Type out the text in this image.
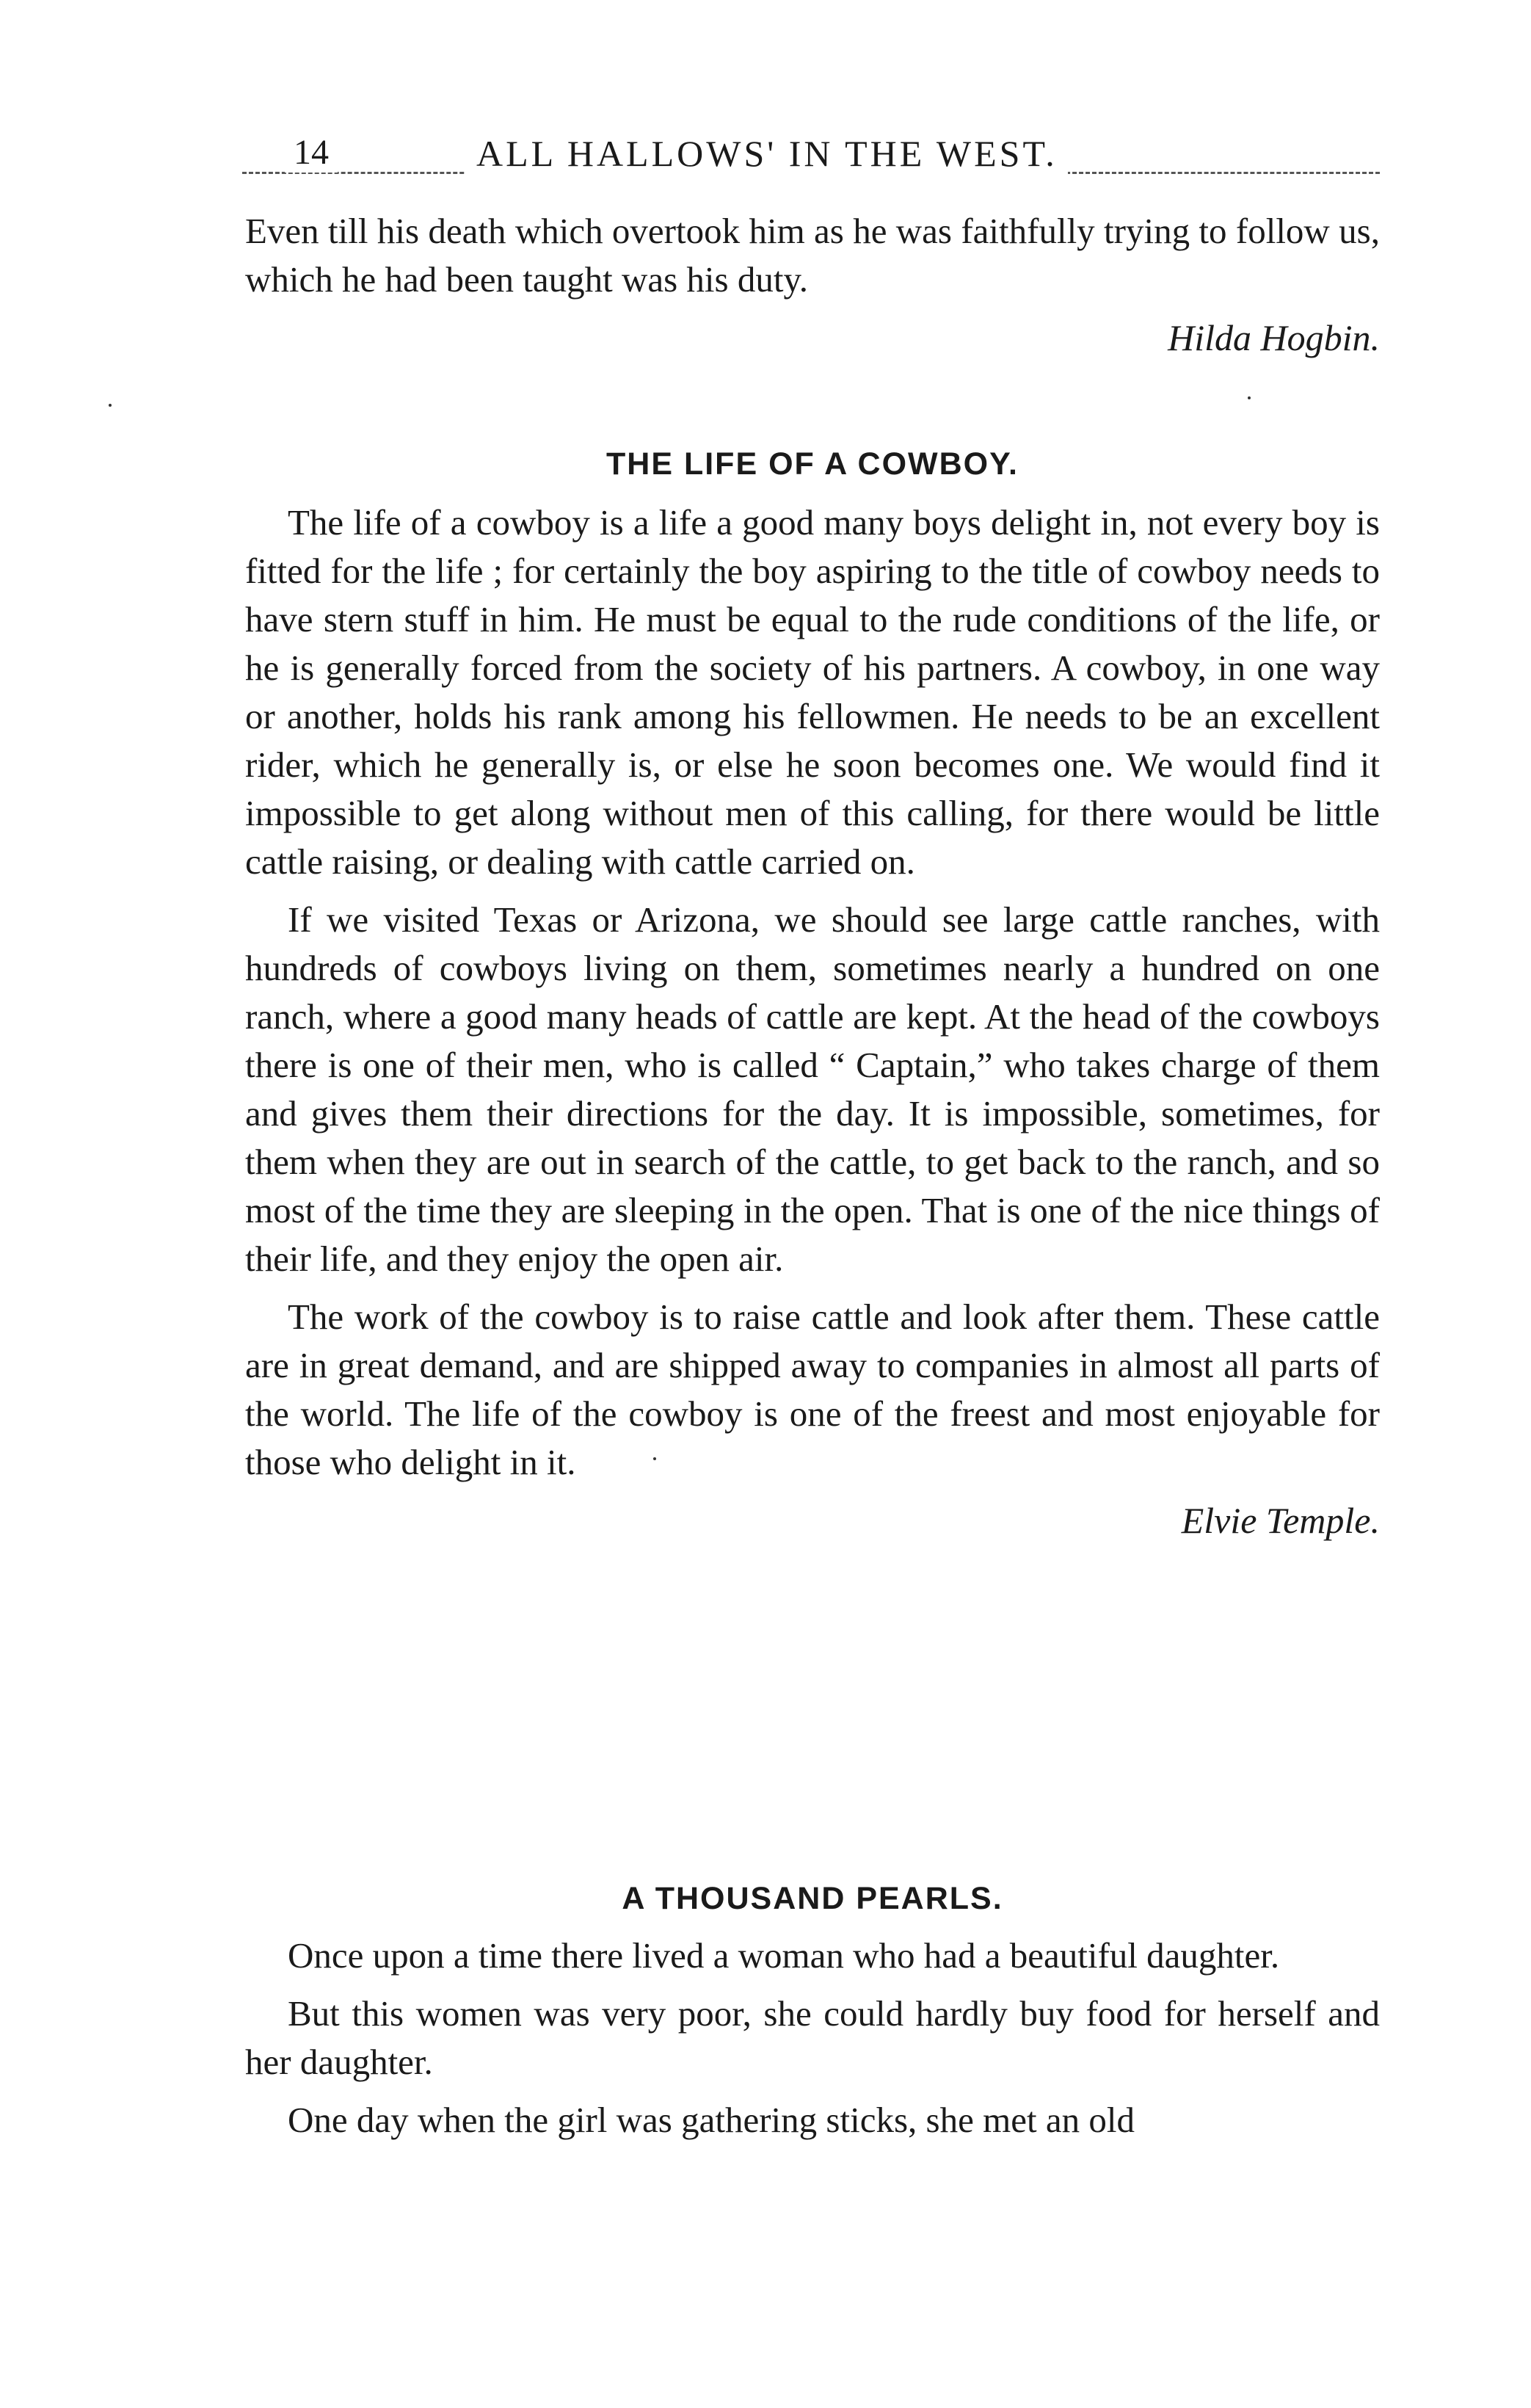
14	ALL HALLOWS' IN THE WEST.

Even till his death which overtook him as he was faithfully trying to follow us, which he had been taught was his duty.

Hilda Hogbin.

THE LIFE OF A COWBOY.

The life of a cowboy is a life a good many boys delight in, not every boy is fitted for the life ; for certainly the boy aspiring to the title of cowboy needs to have stern stuff in him. He must be equal to the rude conditions of the life, or he is generally forced from the society of his partners. A cowboy, in one way or another, holds his rank among his fellowmen. He needs to be an excellent rider, which he generally is, or else he soon becomes one. We would find it impossible to get along without men of this calling, for there would be little cattle raising, or dealing with cattle carried on.

If we visited Texas or Arizona, we should see large cattle ranches, with hundreds of cowboys living on them, sometimes nearly a hundred on one ranch, where a good many heads of cattle are kept. At the head of the cowboys there is one of their men, who is called “ Captain,” who takes charge of them and gives them their directions for the day. It is impossible, sometimes, for them when they are out in search of the cattle, to get back to the ranch, and so most of the time they are sleeping in the open. That is one of the nice things of their life, and they enjoy the open air.

The work of the cowboy is to raise cattle and look after them. These cattle are in great demand, and are shipped away to companies in almost all parts of the world. The life of the cowboy is one of the freest and most enjoyable for those who delight in it.

Elvie Temple.

A THOUSAND PEARLS.

Once upon a time there lived a woman who had a beautiful daughter.

But this women was very poor, she could hardly buy food for herself and her daughter.

One day when the girl was gathering sticks, she met an old
